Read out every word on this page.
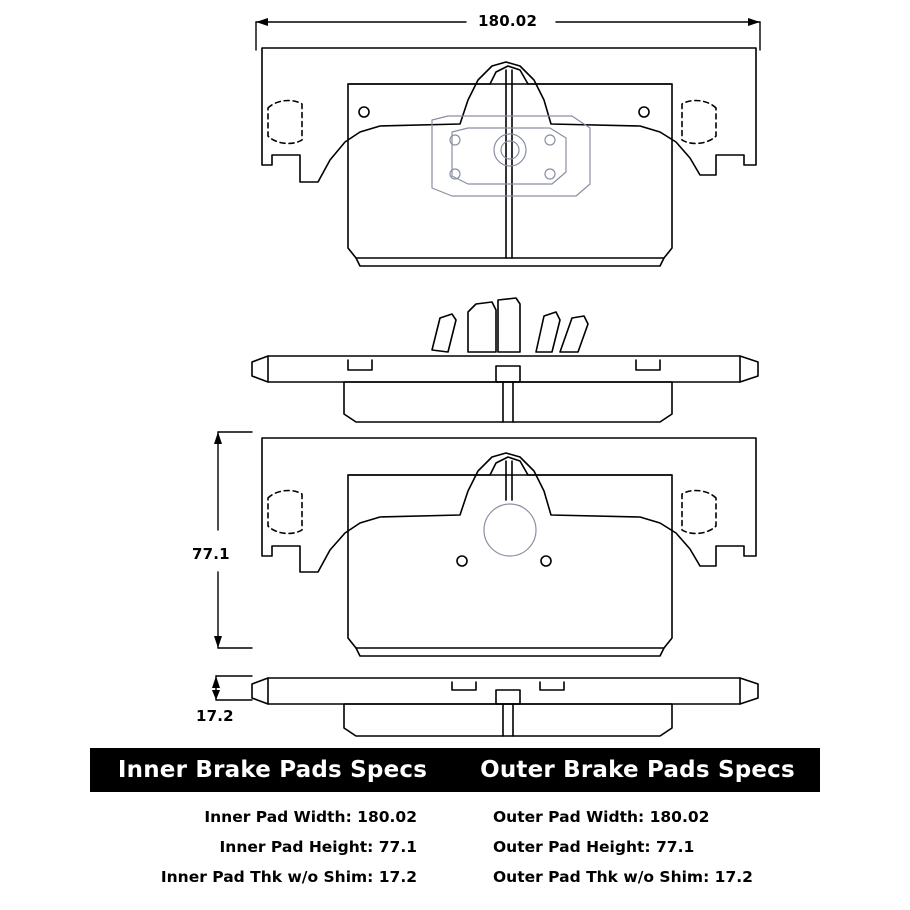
180.02
77.1
17.2
Inner Brake Pads Specs	Outer Brake Pads Specs
Inner Pad Width: 180.02
Inner Pad Height: 77.1
Inner Pad Thk w/o Shim: 17.2
Outer Pad Width: 180.02
Outer Pad Height: 77.1
Outer Pad Thk w/o Shim: 17.2
